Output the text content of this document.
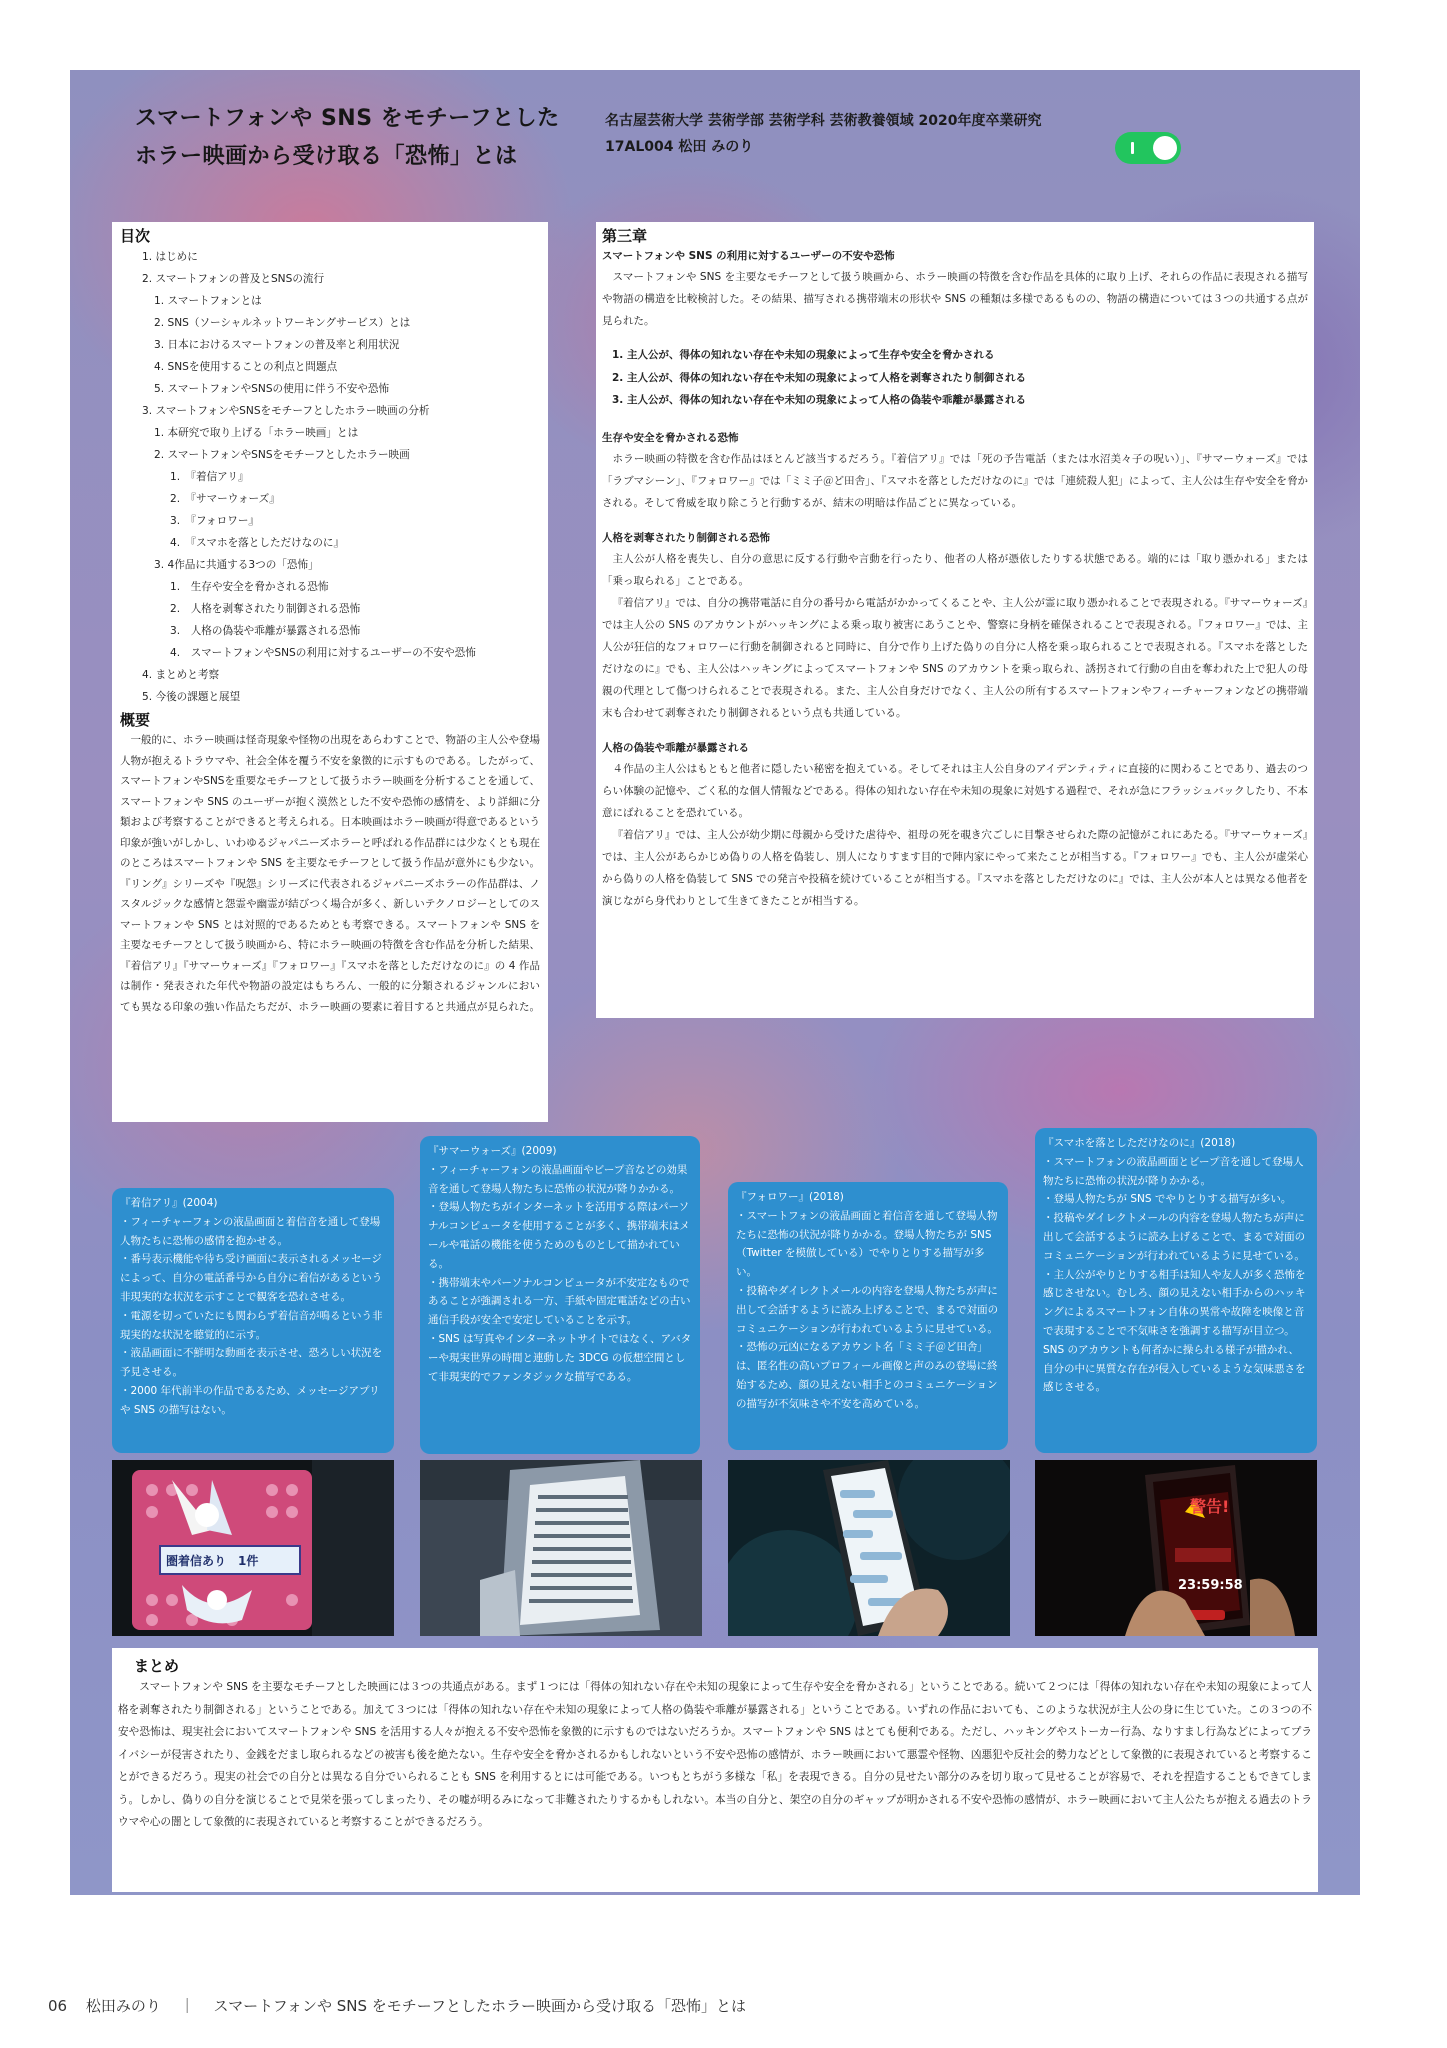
スマートフォンや SNS をモチーフとした
ホラー映画から受け取る「恐怖」とは
名古屋芸術大学 芸術学部 芸術学科 芸術教養領域 2020年度卒業研究
17AL004 松田 みのり
目次
1. はじめに
2. スマートフォンの普及とSNSの流行
1. スマートフォンとは
2. SNS（ソーシャルネットワーキングサービス）とは
3. 日本におけるスマートフォンの普及率と利用状況
4. SNSを使用することの利点と問題点
5. スマートフォンやSNSの使用に伴う不安や恐怖
3. スマートフォンやSNSをモチーフとしたホラー映画の分析
1. 本研究で取り上げる「ホラー映画」とは
2. スマートフォンやSNSをモチーフとしたホラー映画
1.　『着信アリ』
2.　『サマーウォーズ』
3.　『フォロワー』
4.　『スマホを落としただけなのに』
3. 4作品に共通する3つの「恐怖」
1.　生存や安全を脅かされる恐怖
2.　人格を剥奪されたり制御される恐怖
3.　人格の偽装や乖離が暴露される恐怖
4.　スマートフォンやSNSの利用に対するユーザーの不安や恐怖
4. まとめと考察
5. 今後の課題と展望
概要

一般的に、ホラー映画は怪奇現象や怪物の出現をあらわすことで、物語の主人公や登場人物が抱えるトラウマや、社会全体を覆う不安を象徴的に示すものである。したがって、スマートフォンやSNSを重要なモチーフとして扱うホラー映画を分析することを通して、スマートフォンや SNS のユーザーが抱く漠然とした不安や恐怖の感情を、より詳細に分類および考察することができると考えられる。日本映画はホラー映画が得意であるという印象が強いがしかし、いわゆるジャパニーズホラーと呼ばれる作品群には少なくとも現在のところはスマートフォンや SNS を主要なモチーフとして扱う作品が意外にも少ない。『リング』シリーズや『呪怨』シリーズに代表されるジャパニーズホラーの作品群は、ノスタルジックな感情と怨霊や幽霊が結びつく場合が多く、新しいテクノロジーとしてのスマートフォンや SNS とは対照的であるためとも考察できる。スマートフォンや SNS を主要なモチーフとして扱う映画から、特にホラー映画の特徴を含む作品を分析した結果、『着信アリ』『サマーウォーズ』『フォロワー』『スマホを落としただけなのに』の 4 作品は制作・発表された年代や物語の設定はもちろん、一般的に分類されるジャンルにおいても異なる印象の強い作品たちだが、ホラー映画の要素に着目すると共通点が見られた。

第三章
スマートフォンや SNS の利用に対するユーザーの不安や恐怖

スマートフォンや SNS を主要なモチーフとして扱う映画から、ホラー映画の特徴を含む作品を具体的に取り上げ、それらの作品に表現される描写や物語の構造を比較検討した。その結果、描写される携帯端末の形状や SNS の種類は多様であるものの、物語の構造については３つの共通する点が見られた。

1. 主人公が、得体の知れない存在や未知の現象によって生存や安全を脅かされる
2. 主人公が、得体の知れない存在や未知の現象によって人格を剥奪されたり制御される
3. 主人公が、得体の知れない存在や未知の現象によって人格の偽装や乖離が暴露される
生存や安全を脅かされる恐怖

ホラー映画の特徴を含む作品はほとんど該当するだろう。『着信アリ』では「死の予告電話（または水沼美々子の呪い）」、『サマーウォーズ』では「ラブマシーン」、『フォロワー』では「ミミ子＠ど田舎」、『スマホを落としただけなのに』では「連続殺人犯」によって、主人公は生存や安全を脅かされる。そして脅威を取り除こうと行動するが、結末の明暗は作品ごとに異なっている。

人格を剥奪されたり制御される恐怖

主人公が人格を喪失し、自分の意思に反する行動や言動を行ったり、他者の人格が憑依したりする状態である。端的には「取り憑かれる」または「乗っ取られる」ことである。

『着信アリ』では、自分の携帯電話に自分の番号から電話がかかってくることや、主人公が霊に取り憑かれることで表現される。『サマーウォーズ』では主人公の SNS のアカウントがハッキングによる乗っ取り被害にあうことや、警察に身柄を確保されることで表現される。『フォロワー』では、主人公が狂信的なフォロワーに行動を制御されると同時に、自分で作り上げた偽りの自分に人格を乗っ取られることで表現される。『スマホを落としただけなのに』でも、主人公はハッキングによってスマートフォンや SNS のアカウントを乗っ取られ、誘拐されて行動の自由を奪われた上で犯人の母親の代理として傷つけられることで表現される。また、主人公自身だけでなく、主人公の所有するスマートフォンやフィーチャーフォンなどの携帯端末も合わせて剥奪されたり制御されるという点も共通している。

人格の偽装や乖離が暴露される

４作品の主人公はもともと他者に隠したい秘密を抱えている。そしてそれは主人公自身のアイデンティティに直接的に関わることであり、過去のつらい体験の記憶や、ごく私的な個人情報などである。得体の知れない存在や未知の現象に対処する過程で、それが急にフラッシュバックしたり、不本意にばれることを恐れている。

『着信アリ』では、主人公が幼少期に母親から受けた虐待や、祖母の死を覗き穴ごしに目撃させられた際の記憶がこれにあたる。『サマーウォーズ』では、主人公があらかじめ偽りの人格を偽装し、別人になりすます目的で陣内家にやって来たことが相当する。『フォロワー』でも、主人公が虚栄心から偽りの人格を偽装して SNS での発言や投稿を続けていることが相当する。『スマホを落としただけなのに』では、主人公が本人とは異なる他者を演じながら身代わりとして生きてきたことが相当する。

『着信アリ』(2004)
・フィーチャーフォンの液晶画面と着信音を通して登場人物たちに恐怖の感情を抱かせる。
・番号表示機能や待ち受け画面に表示されるメッセージによって、自分の電話番号から自分に着信があるという非現実的な状況を示すことで観客を恐れさせる。
・電源を切っていたにも関わらず着信音が鳴るという非現実的な状況を聴覚的に示す。
・液晶画面に不鮮明な動画を表示させ、恐ろしい状況を予見させる。
・2000 年代前半の作品であるため、メッセージアプリや SNS の描写はない。
『サマーウォーズ』(2009)
・フィーチャーフォンの液晶画面やビープ音などの効果音を通して登場人物たちに恐怖の状況が降りかかる。
・登場人物たちがインターネットを活用する際はパーソナルコンピュータを使用することが多く、携帯端末はメールや電話の機能を使うためのものとして描かれている。
・携帯端末やパーソナルコンピュータが不安定なものであることが強調される一方、手紙や固定電話などの古い通信手段が安全で安定していることを示す。
・SNS は写真やインターネットサイトではなく、アバターや現実世界の時間と連動した 3DCG の仮想空間として非現実的でファンタジックな描写である。
『フォロワー』(2018)
・スマートフォンの液晶画面と着信音を通して登場人物たちに恐怖の状況が降りかかる。登場人物たちが SNS（Twitter を模倣している）でやりとりする描写が多い。
・投稿やダイレクトメールの内容を登場人物たちが声に出して会話するように読み上げることで、まるで対面のコミュニケーションが行われているように見せている。
・恐怖の元凶になるアカウント名「ミミ子＠ど田舎」は、匿名性の高いプロフィール画像と声のみの登場に終始するため、顔の見えない相手とのコミュニケーションの描写が不気味さや不安を高めている。
『スマホを落としただけなのに』(2018)
・スマートフォンの液晶画面とビープ音を通して登場人物たちに恐怖の状況が降りかかる。
・登場人物たちが SNS でやりとりする描写が多い。
・投稿やダイレクトメールの内容を登場人物たちが声に出して会話するように読み上げることで、まるで対面のコミュニケーションが行われているように見せている。
・主人公がやりとりする相手は知人や友人が多く恐怖を感じさせない。むしろ、顔の見えない相手からのハッキングによるスマートフォン自体の異常や故障を映像と音で表現することで不気味さを強調する描写が目立つ。
SNS のアカウントも何者かに操られる様子が描かれ、自分の中に異質な存在が侵入しているような気味悪さを感じさせる。
圏着信あり　1件
警告!
23:59:58
まとめ

スマートフォンや SNS を主要なモチーフとした映画には３つの共通点がある。まず１つには「得体の知れない存在や未知の現象によって生存や安全を脅かされる」ということである。続いて２つには「得体の知れない存在や未知の現象によって人格を剥奪されたり制御される」ということである。加えて３つには「得体の知れない存在や未知の現象によって人格の偽装や乖離が暴露される」ということである。いずれの作品においても、このような状況が主人公の身に生じていた。この３つの不安や恐怖は、現実社会においてスマートフォンや SNS を活用する人々が抱える不安や恐怖を象徴的に示すものではないだろうか。スマートフォンや SNS はとても便利である。ただし、ハッキングやストーカー行為、なりすまし行為などによってプライバシーが侵害されたり、金銭をだまし取られるなどの被害も後を絶たない。生存や安全を脅かされるかもしれないという不安や恐怖の感情が、ホラー映画において悪霊や怪物、凶悪犯や反社会的勢力などとして象徴的に表現されていると考察することができるだろう。現実の社会での自分とは異なる自分でいられることも SNS を利用するとには可能である。いつもとちがう多様な「私」を表現できる。自分の見せたい部分のみを切り取って見せることが容易で、それを捏造することもできてしまう。しかし、偽りの自分を演じることで見栄を張ってしまったり、その嘘が明るみになって非難されたりするかもしれない。本当の自分と、架空の自分のギャップが明かされる不安や恐怖の感情が、ホラー映画において主人公たちが抱える過去のトラウマや心の闇として象徴的に表現されていると考察することができるだろう。

06 松田みのり ｜ スマートフォンや SNS をモチーフとしたホラー映画から受け取る「恐怖」とは
